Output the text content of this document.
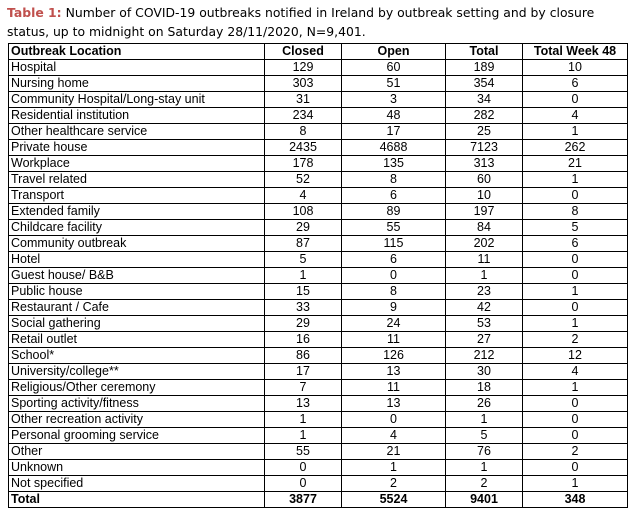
Table 1: Number of COVID-19 outbreaks notified in Ireland by outbreak setting and by closure status, up to midnight on Saturday 28/11/2020, N=9,401.
Outbreak Location	Closed	Open	Total	Total Week 48
Hospital	129	60	189	10
Nursing home	303	51	354	6
Community Hospital/Long-stay unit	31	3	34	0
Residential institution	234	48	282	4
Other healthcare service	8	17	25	1
Private house	2435	4688	7123	262
Workplace	178	135	313	21
Travel related	52	8	60	1
Transport	4	6	10	0
Extended family	108	89	197	8
Childcare facility	29	55	84	5
Community outbreak	87	115	202	6
Hotel	5	6	11	0
Guest house/ B&B	1	0	1	0
Public house	15	8	23	1
Restaurant / Cafe	33	9	42	0
Social gathering	29	24	53	1
Retail outlet	16	11	27	2
School*	86	126	212	12
University/college**	17	13	30	4
Religious/Other ceremony	7	11	18	1
Sporting activity/fitness	13	13	26	0
Other recreation activity	1	0	1	0
Personal grooming service	1	4	5	0
Other	55	21	76	2
Unknown	0	1	1	0
Not specified	0	2	2	1
Total	3877	5524	9401	348
